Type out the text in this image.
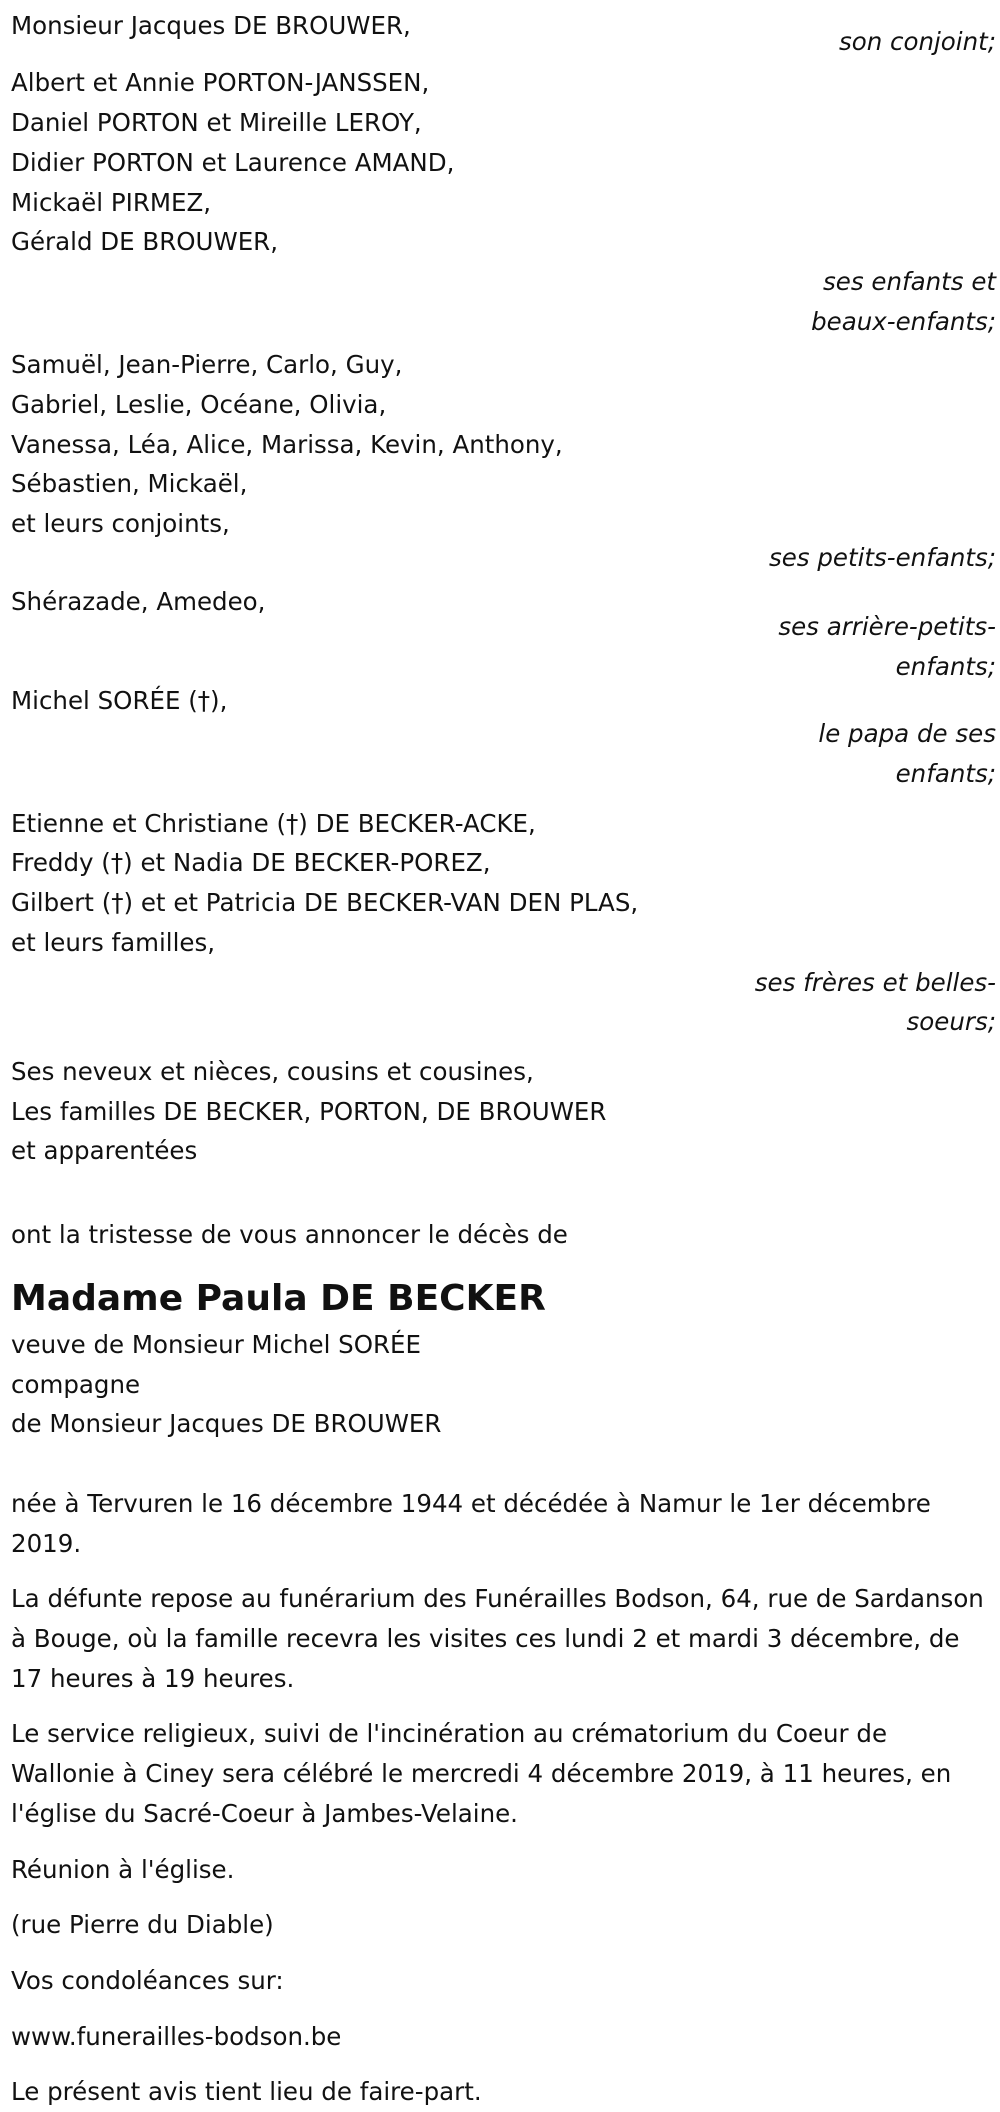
Monsieur Jacques DE BROUWER,
son conjoint;
Albert et Annie PORTON-JANSSEN,
Daniel PORTON et Mireille LEROY,
Didier PORTON et Laurence AMAND,
Mickaël PIRMEZ,
Gérald DE BROUWER,
ses enfants et
beaux-enfants;
Samuël, Jean-Pierre, Carlo, Guy,
Gabriel, Leslie, Océane, Olivia,
Vanessa, Léa, Alice, Marissa, Kevin, Anthony,
Sébastien, Mickaël,
et leurs conjoints,
ses petits-enfants;
Shérazade, Amedeo,
ses arrière-petits-
enfants;
Michel SORÉE (†),
le papa de ses
enfants;
Etienne et Christiane (†) DE BECKER-ACKE,
Freddy (†) et Nadia DE BECKER-POREZ,
Gilbert (†) et et Patricia DE BECKER-VAN DEN PLAS,
et leurs familles,
ses frères et belles-
soeurs;
Ses neveux et nièces, cousins et cousines,
Les familles DE BECKER, PORTON, DE BROUWER
et apparentées
ont la tristesse de vous annoncer le décès de
Madame Paula DE BECKER
veuve de Monsieur Michel SORÉE
compagne
de Monsieur Jacques DE BROUWER

née à Tervuren le 16 décembre 1944 et décédée à Namur le 1er décembre 2019.

La défunte repose au funérarium des Funérailles Bodson, 64, rue de Sardanson à Bouge, où la famille recevra les visites ces lundi 2 et mardi 3 décembre, de 17 heures à 19 heures.

Le service religieux, suivi de l'incinération au crématorium du Coeur de Wallonie à Ciney sera célébré le mercredi 4 décembre 2019, à 11 heures, en l'église du Sacré-Coeur à Jambes-Velaine.

Réunion à l'église.

(rue Pierre du Diable)

Vos condoléances sur:

www.funerailles-bodson.be

Le présent avis tient lieu de faire-part.
